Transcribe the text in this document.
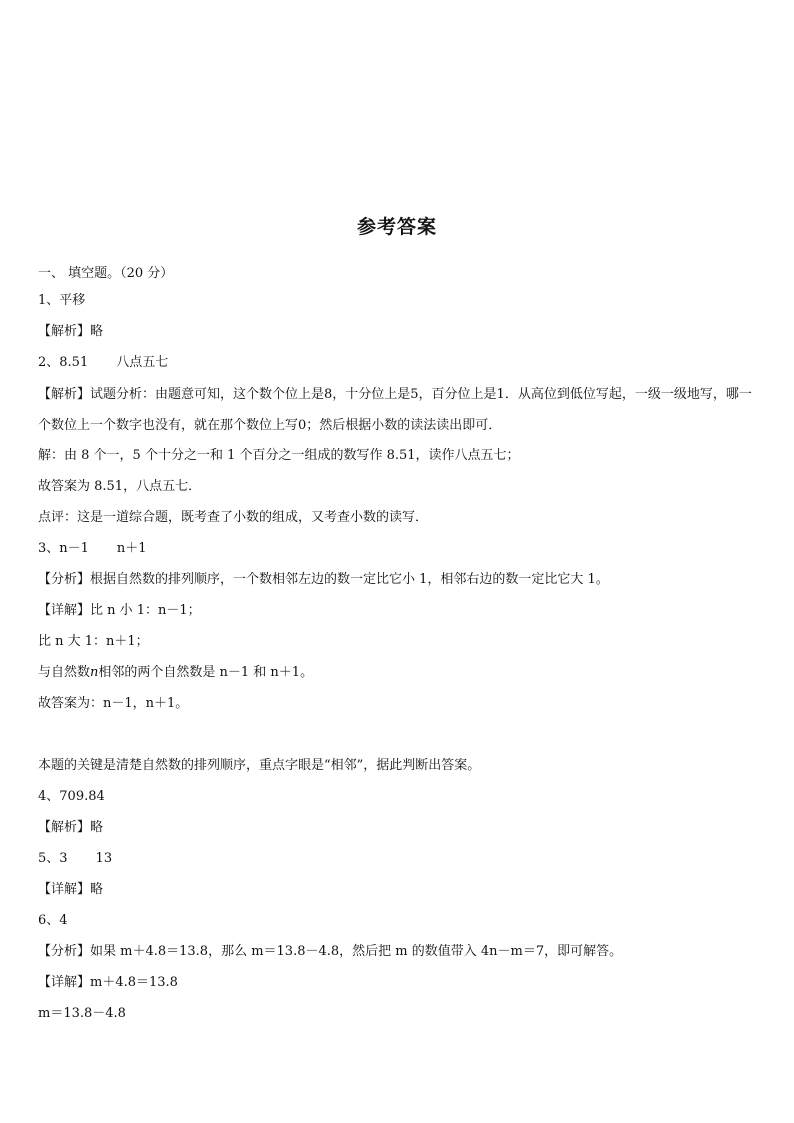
参考答案
一、 填空题。（20 分）
1、平移
【解析】略
2、8.51 八点五七
【解析】试题分析：由题意可知，这个数个位上是8，十分位上是5，百分位上是1．从高位到低位写起，一级一级地写，哪一个数位上一个数字也没有，就在那个数位上写0；然后根据小数的读法读出即可．
解：由 8 个一，5 个十分之一和 1 个百分之一组成的数写作 8.51，读作八点五七；
故答案为 8.51，八点五七．
点评：这是一道综合题，既考查了小数的组成，又考查小数的读写．
3、n－1 n＋1
【分析】根据自然数的排列顺序，一个数相邻左边的数一定比它小 1，相邻右边的数一定比它大 1。
【详解】比 n 小 1：n－1；
比 n 大 1：n＋1；
与自然数n相邻的两个自然数是 n－1 和 n＋1。
故答案为：n－1，n＋1。
本题的关键是清楚自然数的排列顺序，重点字眼是“相邻”，据此判断出答案。
4、709.84
【解析】略
5、3 13
【详解】略
6、4
【分析】如果 m＋4.8＝13.8，那么 m＝13.8－4.8，然后把 m 的数值带入 4n－m＝7，即可解答。
【详解】m＋4.8＝13.8
m＝13.8－4.8
